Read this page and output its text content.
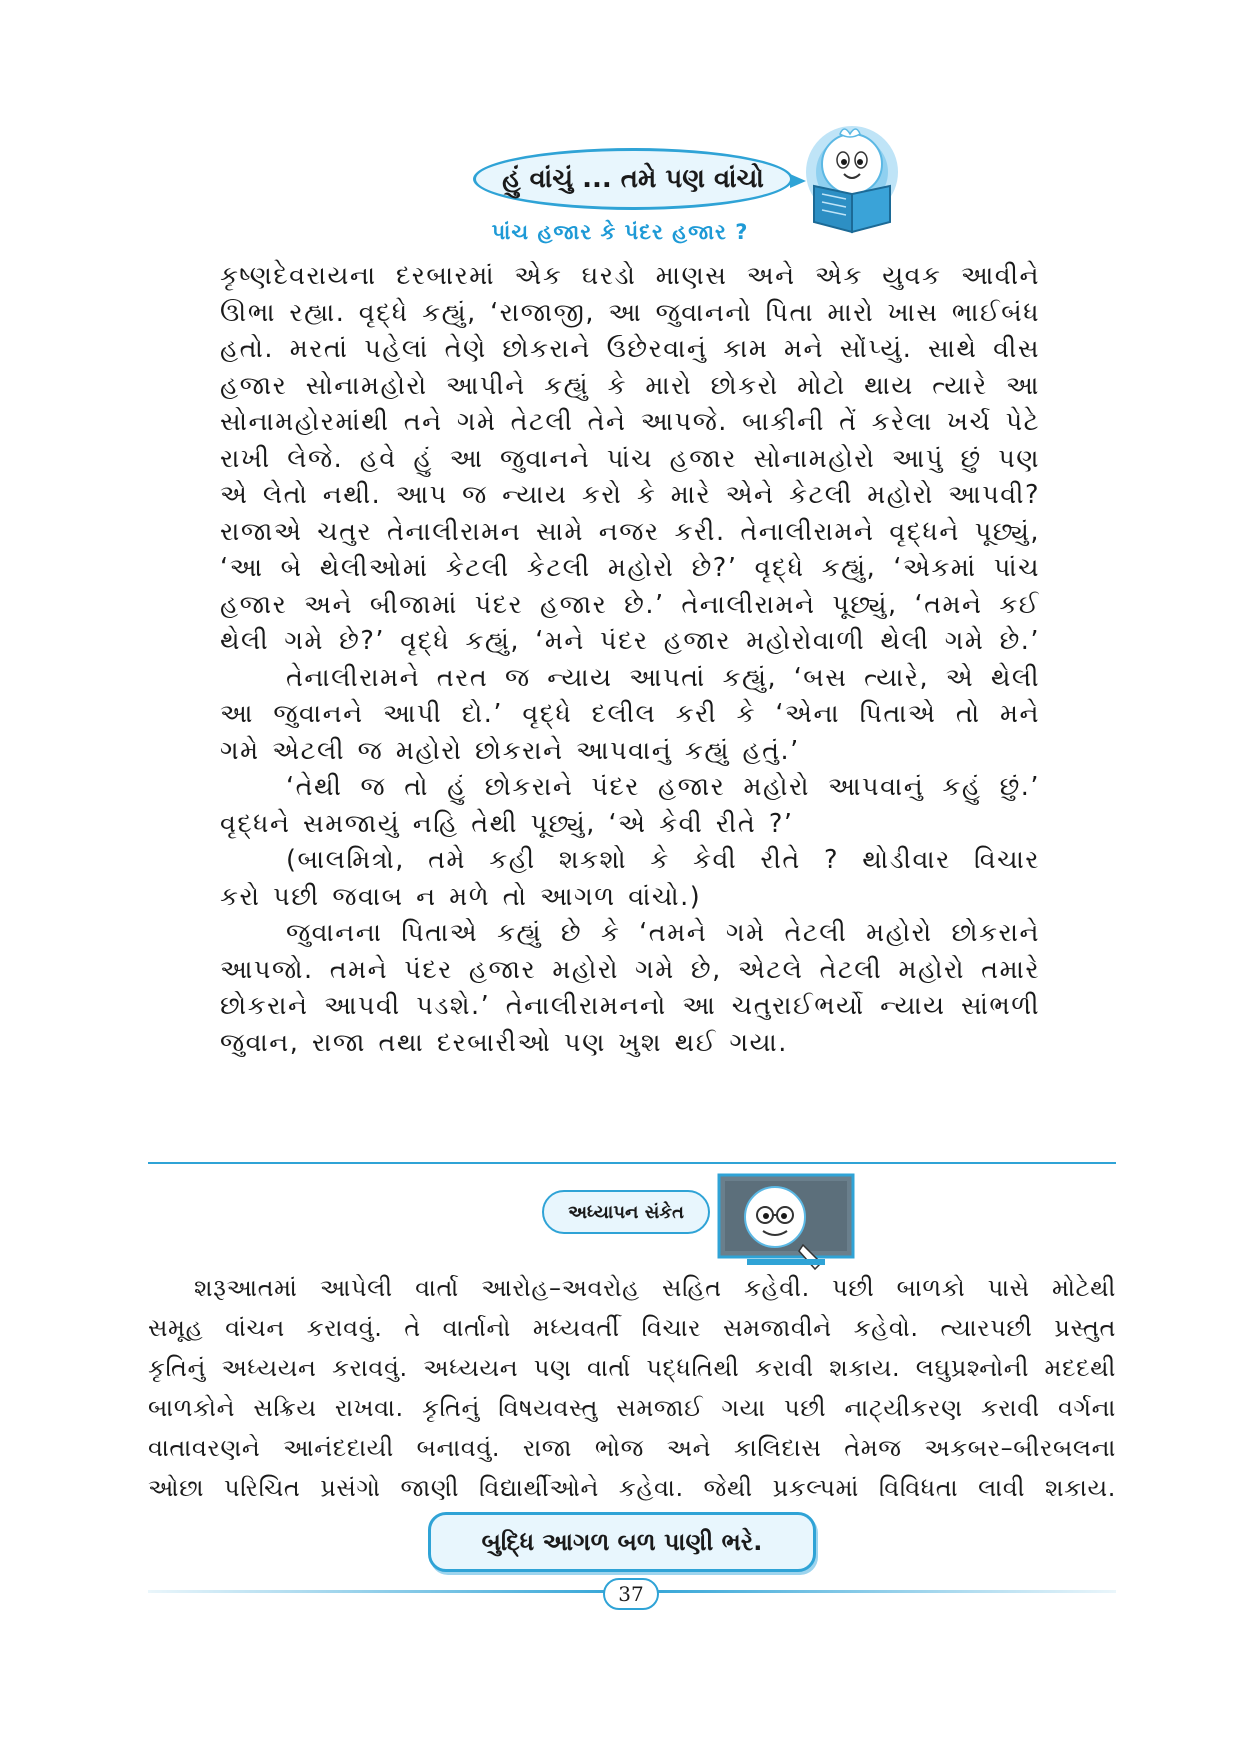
હું વાંચું ... તમે પણ વાંચો
પાંચ હજાર કે પંદર હજાર ?

કૃષ્ણદેવરાયના દરબારમાં એક ઘરડો માણસ અને એક યુવક આવીને

ઊભા રહ્યા. વૃદ્ધે કહ્યું, ‘રાજાજી, આ જુવાનનો પિતા મારો ખાસ ભાઈબંધ

હતો. મરતાં પહેલાં તેણે છોકરાને ઉછેરવાનું કામ મને સોંપ્યું. સાથે વીસ

હજાર સોનામહોરો આપીને કહ્યું કે મારો છોકરો મોટો થાય ત્યારે આ

સોનામહોરમાંથી તને ગમે તેટલી તેને આપજે. બાકીની તેં કરેલા ખર્ચ પેટે

રાખી લેજે. હવે હું આ જુવાનને પાંચ હજાર સોનામહોરો આપું છું પણ

એ લેતો નથી. આપ જ ન્યાય કરો કે મારે એને કેટલી મહોરો આપવી?

રાજાએ ચતુર તેનાલીરામન સામે નજર કરી. તેનાલીરામને વૃદ્ધને પૂછ્યું,

‘આ બે થેલીઓમાં કેટલી કેટલી મહોરો છે?’ વૃદ્ધે કહ્યું, ‘એકમાં પાંચ

હજાર અને બીજામાં પંદર હજાર છે.’ તેનાલીરામને પૂછ્યું, ‘તમને કઈ

થેલી ગમે છે?’ વૃદ્ધે કહ્યું, ‘મને પંદર હજાર મહોરોવાળી થેલી ગમે છે.’

તેનાલીરામને તરત જ ન્યાય આપતાં કહ્યું, ‘બસ ત્યારે, એ થેલી

આ જુવાનને આપી દો.’ વૃદ્ધે દલીલ કરી કે ‘એના પિતાએ તો મને

ગમે એટલી જ મહોરો છોકરાને આપવાનું કહ્યું હતું.’

‘તેથી જ તો હું છોકરાને પંદર હજાર મહોરો આપવાનું કહું છું.’

વૃદ્ધને સમજાયું નહિ તેથી પૂછ્યું, ‘એ કેવી રીતે ?’

(બાલમિત્રો, તમે કહી શકશો કે કેવી રીતે ? થોડીવાર વિચાર

કરો પછી જવાબ ન મળે તો આગળ વાંચો.)

જુવાનના પિતાએ કહ્યું છે કે ‘તમને ગમે તેટલી મહોરો છોકરાને

આપજો. તમને પંદર હજાર મહોરો ગમે છે, એટલે તેટલી મહોરો તમારે

છોકરાને આપવી પડશે.’ તેનાલીરામનનો આ ચતુરાઈભર્યો ન્યાય સાંભળી

જુવાન, રાજા તથા દરબારીઓ પણ ખુશ થઈ ગયા.

અધ્યાપન સંકેત

શરૂઆતમાં આપેલી વાર્તા આરોહ–અવરોહ સહિત કહેવી. પછી બાળકો પાસે મોટેથી

સમૂહ વાંચન કરાવવું. તે વાર્તાનો મધ્યવર્તી વિચાર સમજાવીને કહેવો. ત્યારપછી પ્રસ્તુત

કૃતિનું અધ્યયન કરાવવું. અધ્યયન પણ વાર્તા પદ્ધતિથી કરાવી શકાય. લઘુપ્રશ્નોની મદદથી

બાળકોને સક્રિય રાખવા. કૃતિનું વિષયવસ્તુ સમજાઈ ગયા પછી નાટ્યીકરણ કરાવી વર્ગના

વાતાવરણને આનંદદાયી બનાવવું. રાજા ભોજ અને કાલિદાસ તેમજ અકબર–બીરબલના

ઓછા પરિચિત પ્રસંગો જાણી વિદ્યાર્થીઓને કહેવા. જેથી પ્રકલ્પમાં વિવિધતા લાવી શકાય.

બુદ્ધિ આગળ બળ પાણી ભરે.
37
